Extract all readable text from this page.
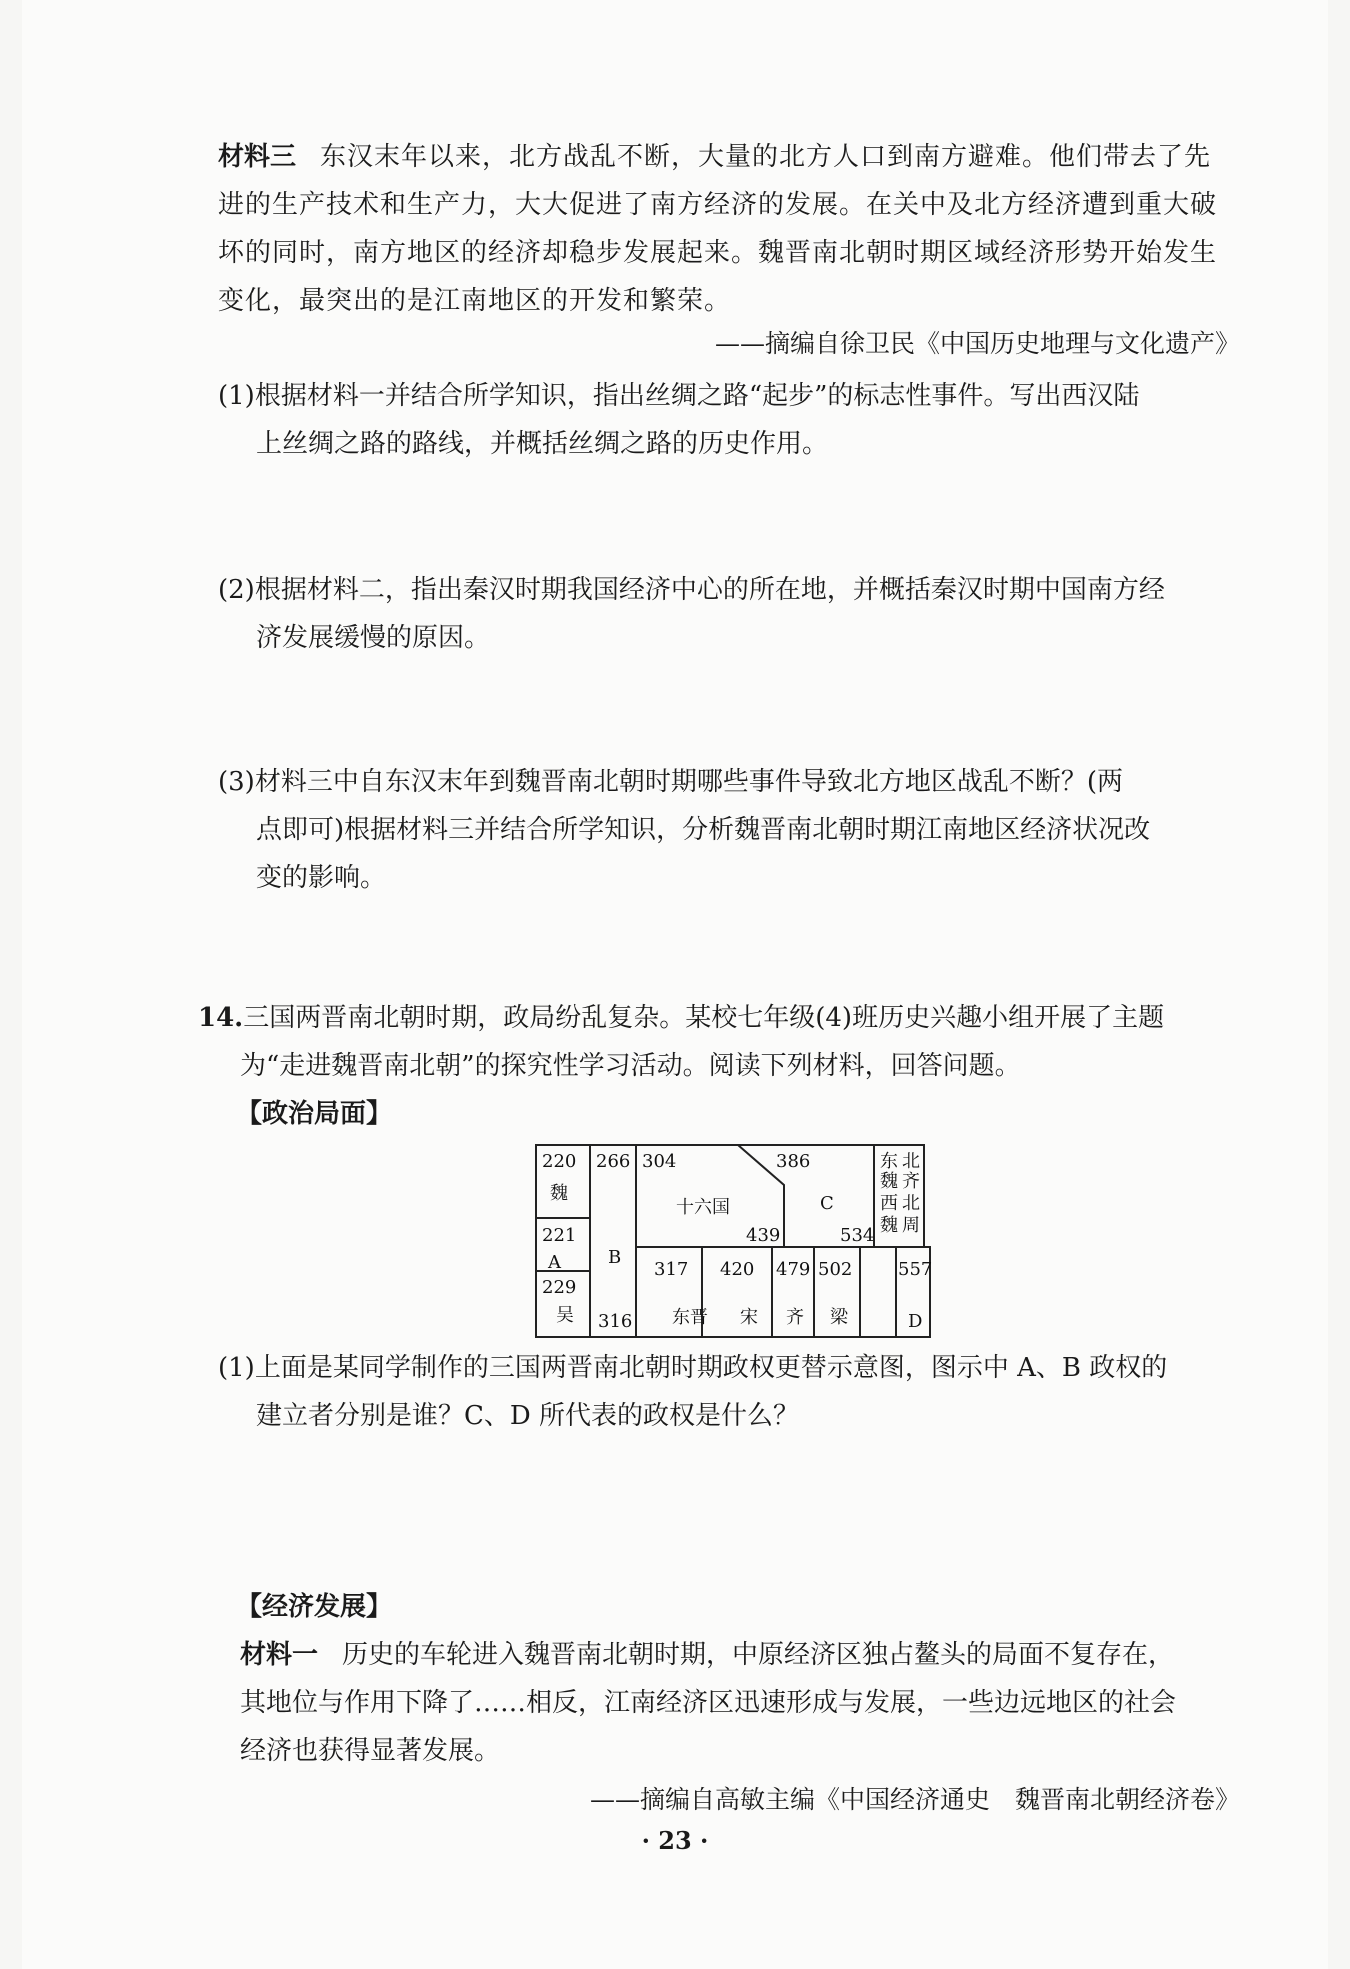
材料三 东汉末年以来，北方战乱不断，大量的北方人口到南方避难。他们带去了先进的生产技术和生产力，大大促进了南方经济的发展。在关中及北方经济遭到重大破坏的同时，南方地区的经济却稳步发展起来。魏晋南北朝时期区域经济形势开始发生变化，最突出的是江南地区的开发和繁荣。

——摘编自徐卫民《中国历史地理与文化遗产》

(1)根据材料一并结合所学知识，指出丝绸之路“起步”的标志性事件。写出西汉陆
上丝绸之路的路线，并概括丝绸之路的历史作用。

(2)根据材料二，指出秦汉时期我国经济中心的所在地，并概括秦汉时期中国南方经
济发展缓慢的原因。

(3)材料三中自东汉末年到魏晋南北朝时期哪些事件导致北方地区战乱不断？(两
点即可)根据材料三并结合所学知识，分析魏晋南北朝时期江南地区经济状况改
变的影响。

14.三国两晋南北朝时期，政局纷乱复杂。某校七年级(4)班历史兴趣小组开展了主题
为“走进魏晋南北朝”的探究性学习活动。阅读下列材料，回答问题。

【政治局面】

220
魏
221
A
229
吴
266
B
316
304	386
十六国
439
C
534
东 北
魏 齐
西 北
魏 周
317
东晋
420
宋
479
齐
502
梁
557
D

(1)上面是某同学制作的三国两晋南北朝时期政权更替示意图，图示中 A、B 政权的
建立者分别是谁？C、D 所代表的政权是什么？

【经济发展】

材料一 历史的车轮进入魏晋南北朝时期，中原经济区独占鳌头的局面不复存在，
其地位与作用下降了……相反，江南经济区迅速形成与发展，一些边远地区的社会
经济也获得显著发展。

——摘编自高敏主编《中国经济通史　魏晋南北朝经济卷》
· 23 ·
